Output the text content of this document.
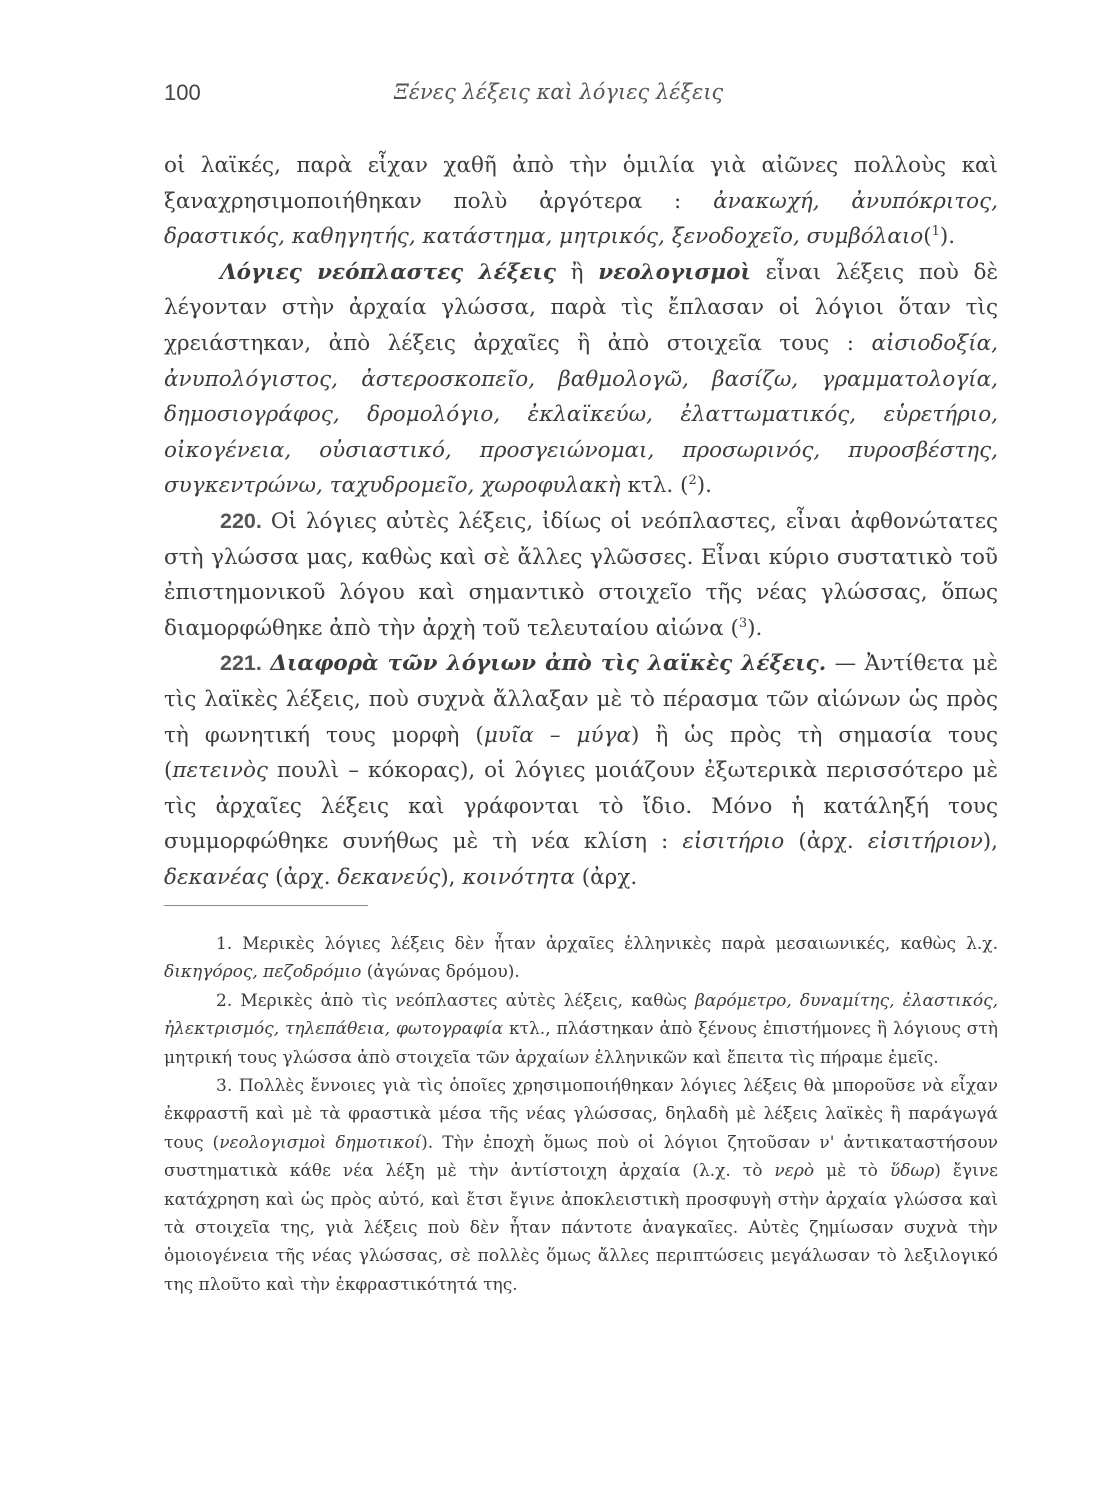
100	Ξένες λέξεις καὶ λόγιες λέξεις

οἱ λαϊκές, παρὰ εἶχαν χαθῆ ἀπὸ τὴν ὁμιλία γιὰ αἰῶνες πολλοὺς καὶ ξαναχρησιμοποιήθηκαν πολὺ ἀργότερα : ἀνακωχή, ἀνυπόκριτος, δραστικός, καθηγητής, κατάστημα, μητρικός, ξενοδοχεῖο, συμβόλαιο($^1$).

Λόγιες νεόπλαστες λέξεις ἢ νεολογισμοὶ εἶναι λέξεις ποὺ δὲ λέγονταν στὴν ἀρχαία γλώσσα, παρὰ τὶς ἔπλασαν οἱ λόγιοι ὅταν τὶς χρειάστηκαν, ἀπὸ λέξεις ἀρχαῖες ἢ ἀπὸ στοιχεῖα τους : αἰσιοδοξία, ἀνυπολόγιστος, ἀστεροσκοπεῖο, βαθμολογῶ, βασίζω, γραμματολογία, δημοσιογράφος, δρομολόγιο, ἐκλαϊκεύω, ἐλαττωματικός, εὑρετήριο, οἰκογένεια, οὐσιαστικό, προσγειώνομαι, προσωρινός, πυροσβέστης, συγκεντρώνω, ταχυδρομεῖο, χωροφυλακὴ κτλ. ($^2$).

220. Οἱ λόγιες αὐτὲς λέξεις, ἰδίως οἱ νεόπλαστες, εἶναι ἀφθονώτατες στὴ γλώσσα μας, καθὼς καὶ σὲ ἄλλες γλῶσσες. Εἶναι κύριο συστατικὸ τοῦ ἐπιστημονικοῦ λόγου καὶ σημαντικὸ στοιχεῖο τῆς νέας γλώσσας, ὅπως διαμορφώθηκε ἀπὸ τὴν ἀρχὴ τοῦ τελευταίου αἰώνα ($^3$).

221. Διαφορὰ τῶν λόγιων ἀπὸ τὶς λαϊκὲς λέξεις. — Ἀντίθετα μὲ τὶς λαϊκὲς λέξεις, ποὺ συχνὰ ἄλλαξαν μὲ τὸ πέρασμα τῶν αἰώνων ὡς πρὸς τὴ φωνητική τους μορφὴ (μυῖα – μύγα) ἢ ὡς πρὸς τὴ σημασία τους (πετεινὸς πουλὶ – κόκορας), οἱ λόγιες μοιάζουν ἐξωτερικὰ περισσότερο μὲ τὶς ἀρχαῖες λέξεις καὶ γράφονται τὸ ἴδιο. Μόνο ἡ κατάληξή τους συμμορφώθηκε συνήθως μὲ τὴ νέα κλίση : εἰσιτήριο (ἀρχ. εἰσιτήριον), δεκανέας (ἀρχ. δεκανεύς), κοινότητα (ἀρχ.

1. Μερικὲς λόγιες λέξεις δὲν ἦταν ἀρχαῖες ἑλληνικὲς παρὰ μεσαιωνικές, καθὼς λ.χ. δικηγόρος, πεζοδρόμιο (ἀγώνας δρόμου).

2. Μερικὲς ἀπὸ τὶς νεόπλαστες αὐτὲς λέξεις, καθὼς βαρόμετρο, δυναμίτης, ἐλαστικός, ἠλεκτρισμός, τηλεπάθεια, φωτογραφία κτλ., πλάστηκαν ἀπὸ ξένους ἐπιστήμονες ἢ λόγιους στὴ μητρική τους γλώσσα ἀπὸ στοιχεῖα τῶν ἀρχαίων ἑλληνικῶν καὶ ἔπειτα τὶς πήραμε ἐμεῖς.

3. Πολλὲς ἔννοιες γιὰ τὶς ὁποῖες χρησιμοποιήθηκαν λόγιες λέξεις θὰ μποροῦσε νὰ εἶχαν ἐκφραστῆ καὶ μὲ τὰ φραστικὰ μέσα τῆς νέας γλώσσας, δηλαδὴ μὲ λέξεις λαϊκὲς ἢ παράγωγά τους (νεολογισμοὶ δημοτικοί). Τὴν ἐποχὴ ὅμως ποὺ οἱ λόγιοι ζητοῦσαν ν' ἀντικαταστήσουν συστηματικὰ κάθε νέα λέξη μὲ τὴν ἀντίστοιχη ἀρχαία (λ.χ. τὸ νερὸ μὲ τὸ ὕδωρ) ἔγινε κατάχρηση καὶ ὡς πρὸς αὐτό, καὶ ἔτσι ἔγινε ἀποκλειστικὴ προσφυγὴ στὴν ἀρχαία γλώσσα καὶ τὰ στοιχεῖα της, γιὰ λέξεις ποὺ δὲν ἦταν πάντοτε ἀναγκαῖες. Αὐτὲς ζημίωσαν συχνὰ τὴν ὁμοιογένεια τῆς νέας γλώσσας, σὲ πολλὲς ὅμως ἄλλες περιπτώσεις μεγάλωσαν τὸ λεξιλογικό της πλοῦτο καὶ τὴν ἐκφραστικότητά της.
